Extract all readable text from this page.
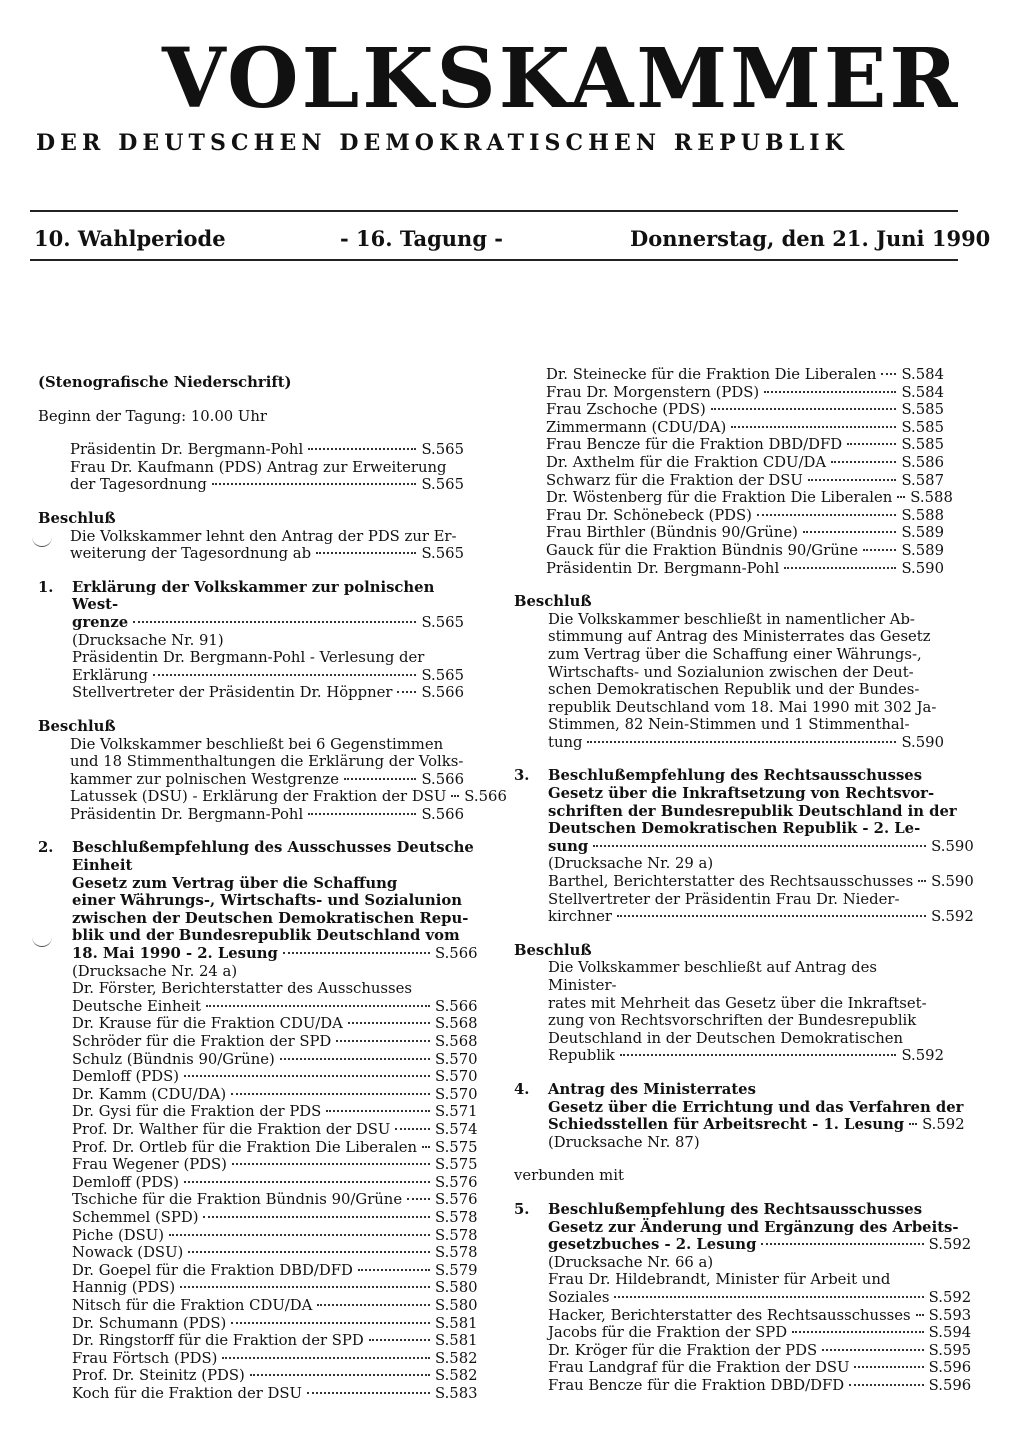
VOLKSKAMMER
DER DEUTSCHEN DEMOKRATISCHEN REPUBLIK
10. Wahlperiode	- 16. Tagung -	Donnerstag, den 21. Juni 1990
(Stenografische Niederschrift)
Beginn der Tagung: 10.00 Uhr
Präsidentin Dr. Bergmann-Pohl	S.565
Frau Dr. Kaufmann (PDS) Antrag zur Erweiterung
der Tagesordnung	S.565
Beschluß
Die Volkskammer lehnt den Antrag der PDS zur Er-
weiterung der Tagesordnung ab	S.565
1.	Erklärung der Volkskammer zur polnischen West-
grenze	S.565
(Drucksache Nr. 91)
Präsidentin Dr. Bergmann-Pohl - Verlesung der
Erklärung	S.565
Stellvertreter der Präsidentin Dr. Höppner S.566
Beschluß
Die Volkskammer beschließt bei 6 Gegenstimmen
und 18 Stimmenthaltungen die Erklärung der Volks-
kammer zur polnischen Westgrenze	S.566
Latussek (DSU) - Erklärung der Fraktion der DSU S.566
Präsidentin Dr. Bergmann-Pohl	S.566
2.	Beschlußempfehlung des Ausschusses Deutsche
Einheit
Gesetz zum Vertrag über die Schaffung
einer Währungs-, Wirtschafts- und Sozialunion
zwischen der Deutschen Demokratischen Repu-
blik und der Bundesrepublik Deutschland vom
18. Mai 1990 - 2. Lesung	S.566
(Drucksache Nr. 24 a)
Dr. Förster, Berichterstatter des Ausschusses
Deutsche Einheit	S.566
Dr. Krause für die Fraktion CDU/DA	S.568
Schröder für die Fraktion der SPD	S.568
Schulz (Bündnis 90/Grüne)	S.570
Demloff (PDS)	S.570
Dr. Kamm (CDU/DA)	S.570
Dr. Gysi für die Fraktion der PDS	S.571
Prof. Dr. Walther für die Fraktion der DSU	S.574
Prof. Dr. Ortleb für die Fraktion Die Liberalen S.575
Frau Wegener (PDS)	S.575
Demloff (PDS)	S.576
Tschiche für die Fraktion Bündnis 90/Grüne S.576
Schemmel (SPD)	S.578
Piche (DSU)	S.578
Nowack (DSU)	S.578
Dr. Goepel für die Fraktion DBD/DFD	S.579
Hannig (PDS)	S.580
Nitsch für die Fraktion CDU/DA	S.580
Dr. Schumann (PDS)	S.581
Dr. Ringstorff für die Fraktion der SPD	S.581
Frau Förtsch (PDS)	S.582
Prof. Dr. Steinitz (PDS)	S.582
Koch für die Fraktion der DSU	S.583
Dr. Steinecke für die Fraktion Die Liberalen S.584
Frau Dr. Morgenstern (PDS)	S.584
Frau Zschoche (PDS)	S.585
Zimmermann (CDU/DA)	S.585
Frau Bencze für die Fraktion DBD/DFD	S.585
Dr. Axthelm für die Fraktion CDU/DA	S.586
Schwarz für die Fraktion der DSU	S.587
Dr. Wöstenberg für die Fraktion Die Liberalen S.588
Frau Dr. Schönebeck (PDS)	S.588
Frau Birthler (Bündnis 90/Grüne)	S.589
Gauck für die Fraktion Bündnis 90/Grüne	S.589
Präsidentin Dr. Bergmann-Pohl	S.590
Beschluß
Die Volkskammer beschließt in namentlicher Ab-
stimmung auf Antrag des Ministerrates das Gesetz
zum Vertrag über die Schaffung einer Währungs-,
Wirtschafts- und Sozialunion zwischen der Deut-
schen Demokratischen Republik und der Bundes-
republik Deutschland vom 18. Mai 1990 mit 302 Ja-
Stimmen, 82 Nein-Stimmen und 1 Stimmenthal-
tung	S.590
3.	Beschlußempfehlung des Rechtsausschusses
Gesetz über die Inkraftsetzung von Rechtsvor-
schriften der Bundesrepublik Deutschland in der
Deutschen Demokratischen Republik - 2. Le-
sung	S.590
(Drucksache Nr. 29 a)
Barthel, Berichterstatter des Rechtsausschusses S.590
Stellvertreter der Präsidentin Frau Dr. Nieder-
kirchner	S.592
Beschluß
Die Volkskammer beschließt auf Antrag des Minister-
rates mit Mehrheit das Gesetz über die Inkraftset-
zung von Rechtsvorschriften der Bundesrepublik
Deutschland in der Deutschen Demokratischen
Republik	S.592
4.	Antrag des Ministerrates
Gesetz über die Errichtung und das Verfahren der
Schiedsstellen für Arbeitsrecht - 1. Lesung S.592
(Drucksache Nr. 87)
verbunden mit
5.	Beschlußempfehlung des Rechtsausschusses
Gesetz zur Änderung und Ergänzung des Arbeits-
gesetzbuches - 2. Lesung	S.592
(Drucksache Nr. 66 a)
Frau Dr. Hildebrandt, Minister für Arbeit und
Soziales	S.592
Hacker, Berichterstatter des Rechtsausschusses S.593
Jacobs für die Fraktion der SPD	S.594
Dr. Kröger für die Fraktion der PDS	S.595
Frau Landgraf für die Fraktion der DSU	S.596
Frau Bencze für die Fraktion DBD/DFD	S.596
